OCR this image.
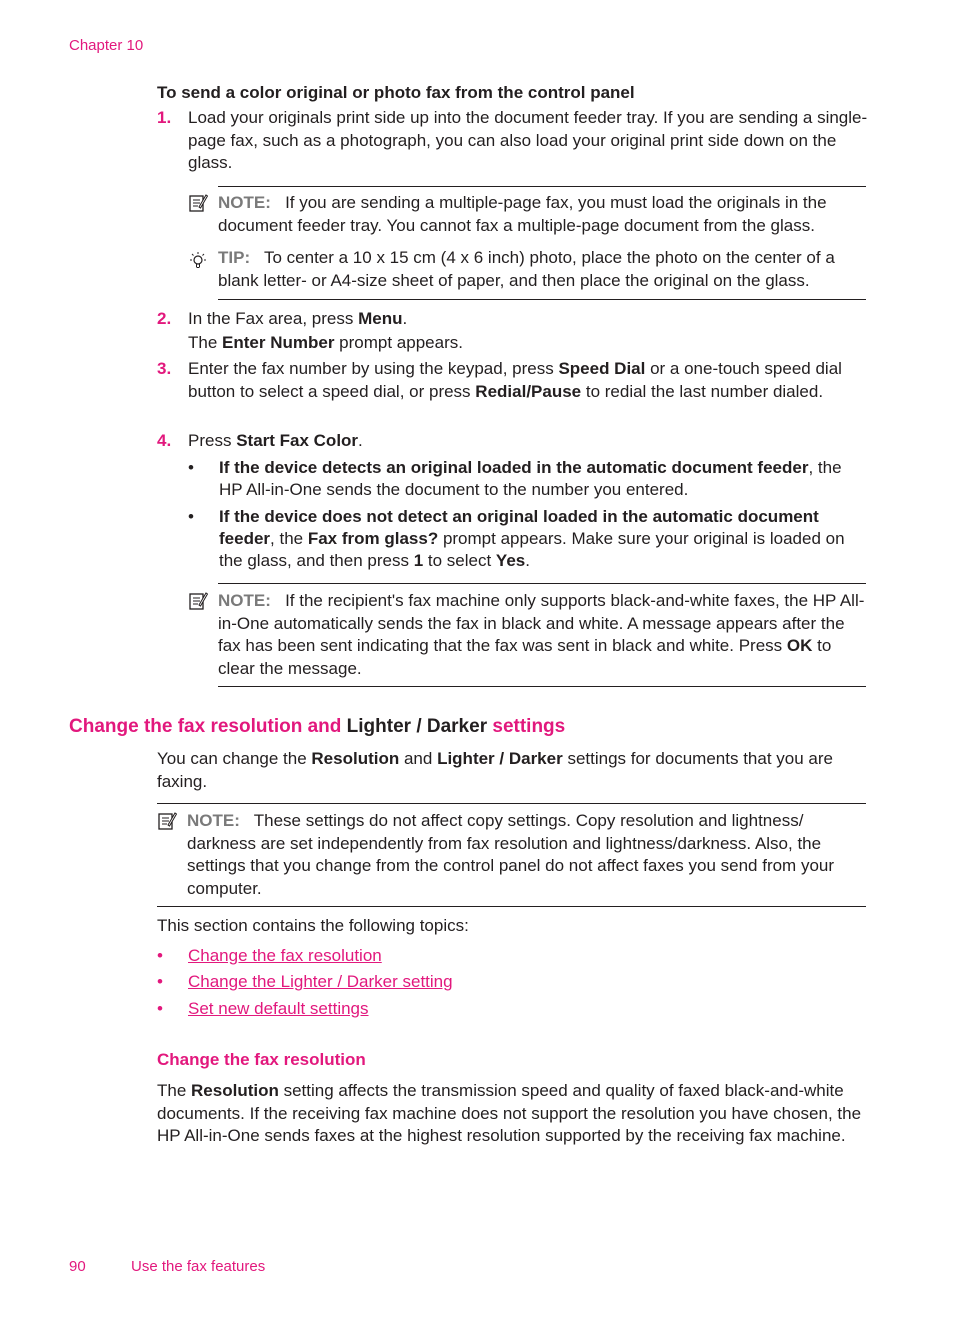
Chapter 10
To send a color original or photo fax from the control panel
1. Load your originals print side up into the document feeder tray. If you are sending a single-page fax, such as a photograph, you can also load your original print side down on the glass.
NOTE: If you are sending a multiple-page fax, you must load the originals in the document feeder tray. You cannot fax a multiple-page document from the glass.
TIP: To center a 10 x 15 cm (4 x 6 inch) photo, place the photo on the center of a blank letter- or A4-size sheet of paper, and then place the original on the glass.
2. In the Fax area, press Menu.
The Enter Number prompt appears.
3. Enter the fax number by using the keypad, press Speed Dial or a one-touch speed dial button to select a speed dial, or press Redial/Pause to redial the last number dialed.
4. Press Start Fax Color.
• If the device detects an original loaded in the automatic document feeder, the HP All-in-One sends the document to the number you entered.
• If the device does not detect an original loaded in the automatic document feeder, the Fax from glass? prompt appears. Make sure your original is loaded on the glass, and then press 1 to select Yes.
NOTE: If the recipient's fax machine only supports black-and-white faxes, the HP All-in-One automatically sends the fax in black and white. A message appears after the fax has been sent indicating that the fax was sent in black and white. Press OK to clear the message.
Change the fax resolution and Lighter / Darker settings
You can change the Resolution and Lighter / Darker settings for documents that you are faxing.
NOTE: These settings do not affect copy settings. Copy resolution and lightness/ darkness are set independently from fax resolution and lightness/darkness. Also, the settings that you change from the control panel do not affect faxes you send from your computer.
This section contains the following topics:
• Change the fax resolution
• Change the Lighter / Darker setting
• Set new default settings
Change the fax resolution
The Resolution setting affects the transmission speed and quality of faxed black-and-white documents. If the receiving fax machine does not support the resolution you have chosen, the HP All-in-One sends faxes at the highest resolution supported by the receiving fax machine.
90	Use the fax features
